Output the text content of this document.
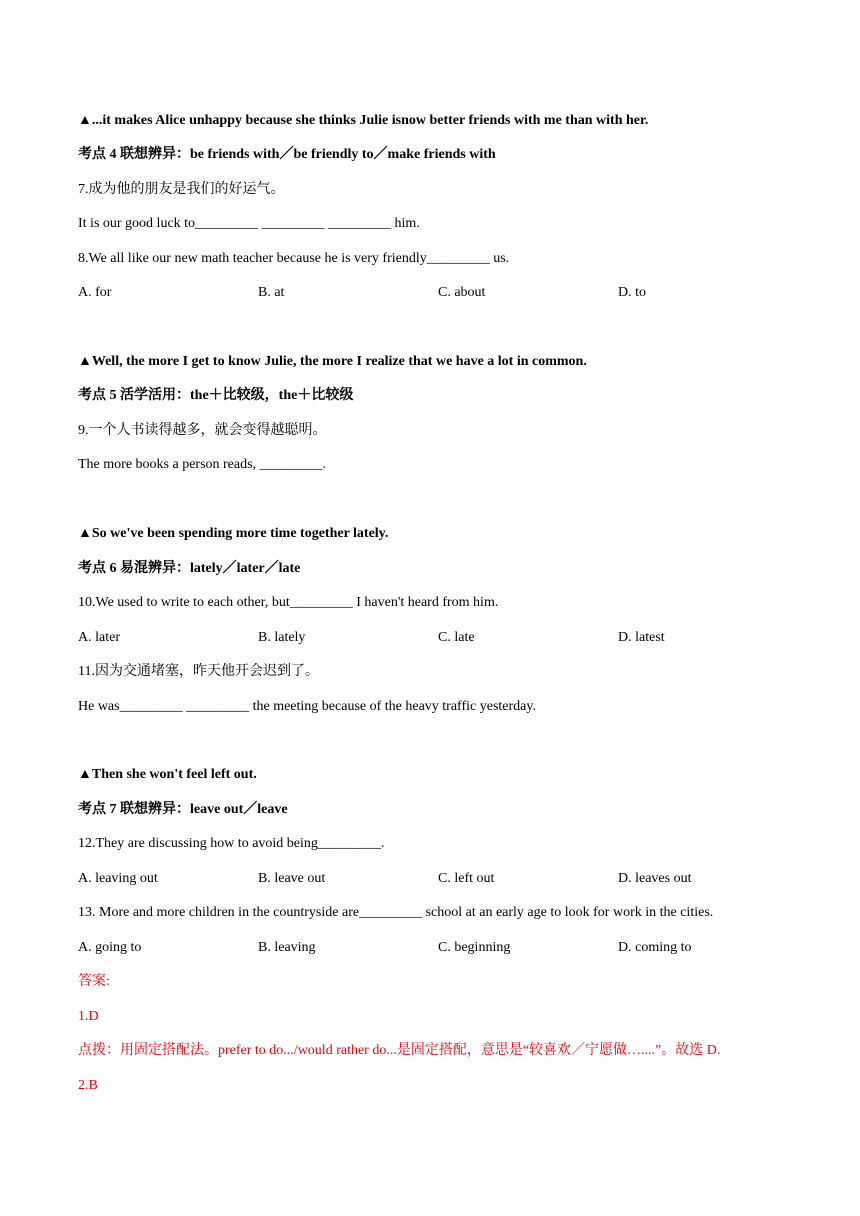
▲...it makes Alice unhappy because she thinks Julie isnow better friends with me than with her.
考点 4 联想辨异：be friends with／be friendly to／make friends with
7.成为他的朋友是我们的好运气。
It is our good luck to_________ _________ _________ him.
8.We all like our new math teacher because he is very friendly_________ us.
A. for	B. at	C. about	D. to
▲Well, the more I get to know Julie, the more I realize that we have a lot in common.
考点 5 活学活用：the＋比较级，the＋比较级
9.一个人书读得越多，就会变得越聪明。
The more books a person reads, _________.
▲So we've been spending more time together lately.
考点 6 易混辨异：lately／later／late
10.We used to write to each other, but_________ I haven't heard from him.
A. later	B. lately	C. late	D. latest
11.因为交通堵塞，昨天他开会迟到了。
He was_________ _________ the meeting because of the heavy traffic yesterday.
▲Then she won't feel left out.
考点 7 联想辨异：leave out／leave
12.They are discussing how to avoid being_________.
A. leaving out	B. leave out	C. left out	D. leaves out
13. More and more children in the countryside are_________ school at an early age to look for work in the cities.
A. going to	B. leaving	C. beginning	D. coming to
答案:
1.D
点拨：用固定搭配法。prefer to do.../would rather do...是固定搭配，意思是“较喜欢／宁愿做…....”。故选 D.
2.B
